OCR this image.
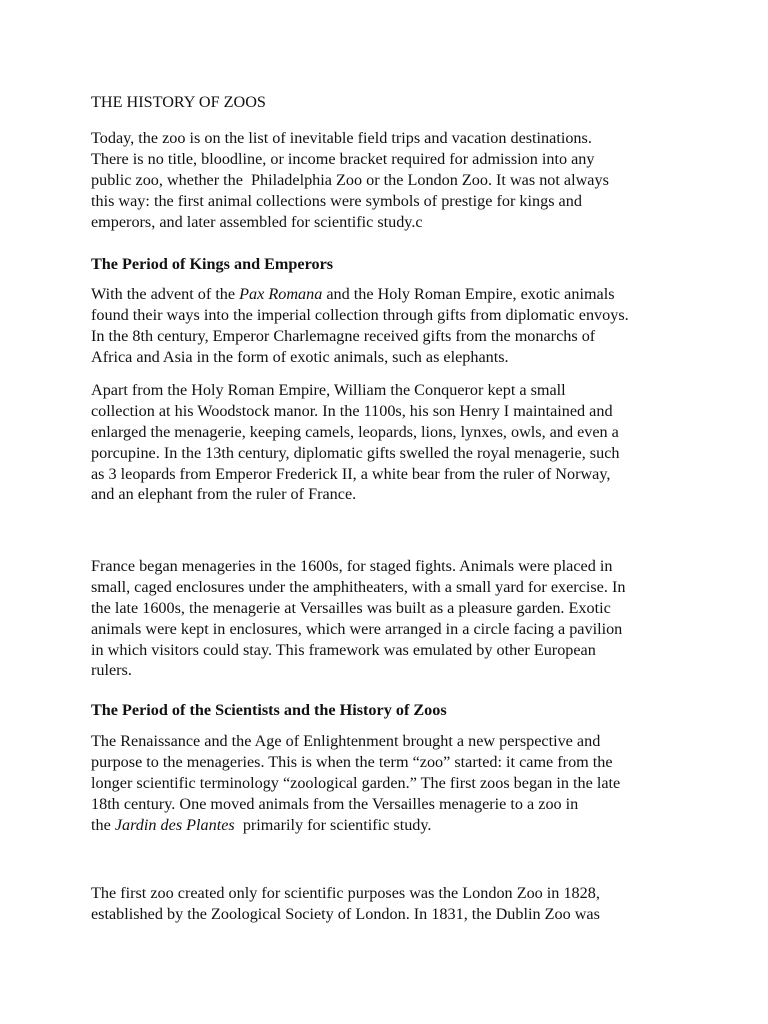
THE HISTORY OF ZOOS

Today, the zoo is on the list of inevitable field trips and vacation destinations.
There is no title, bloodline, or income bracket required for admission into any
public zoo, whether the  Philadelphia Zoo or the London Zoo. It was not always
this way: the first animal collections were symbols of prestige for kings and
emperors, and later assembled for scientific study.c

The Period of Kings and Emperors

With the advent of the Pax Romana and the Holy Roman Empire, exotic animals
found their ways into the imperial collection through gifts from diplomatic envoys.
In the 8th century, Emperor Charlemagne received gifts from the monarchs of
Africa and Asia in the form of exotic animals, such as elephants.

Apart from the Holy Roman Empire, William the Conqueror kept a small
collection at his Woodstock manor. In the 1100s, his son Henry I maintained and
enlarged the menagerie, keeping camels, leopards, lions, lynxes, owls, and even a
porcupine. In the 13th century, diplomatic gifts swelled the royal menagerie, such
as 3 leopards from Emperor Frederick II, a white bear from the ruler of Norway,
and an elephant from the ruler of France.

France began menageries in the 1600s, for staged fights. Animals were placed in
small, caged enclosures under the amphitheaters, with a small yard for exercise. In
the late 1600s, the menagerie at Versailles was built as a pleasure garden. Exotic
animals were kept in enclosures, which were arranged in a circle facing a pavilion
in which visitors could stay. This framework was emulated by other European
rulers.

The Period of the Scientists and the History of Zoos

The Renaissance and the Age of Enlightenment brought a new perspective and
purpose to the menageries. This is when the term “zoo” started: it came from the
longer scientific terminology “zoological garden.” The first zoos began in the late
18th century. One moved animals from the Versailles menagerie to a zoo in
the Jardin des Plantes  primarily for scientific study.

The first zoo created only for scientific purposes was the London Zoo in 1828,
established by the Zoological Society of London. In 1831, the Dublin Zoo was
